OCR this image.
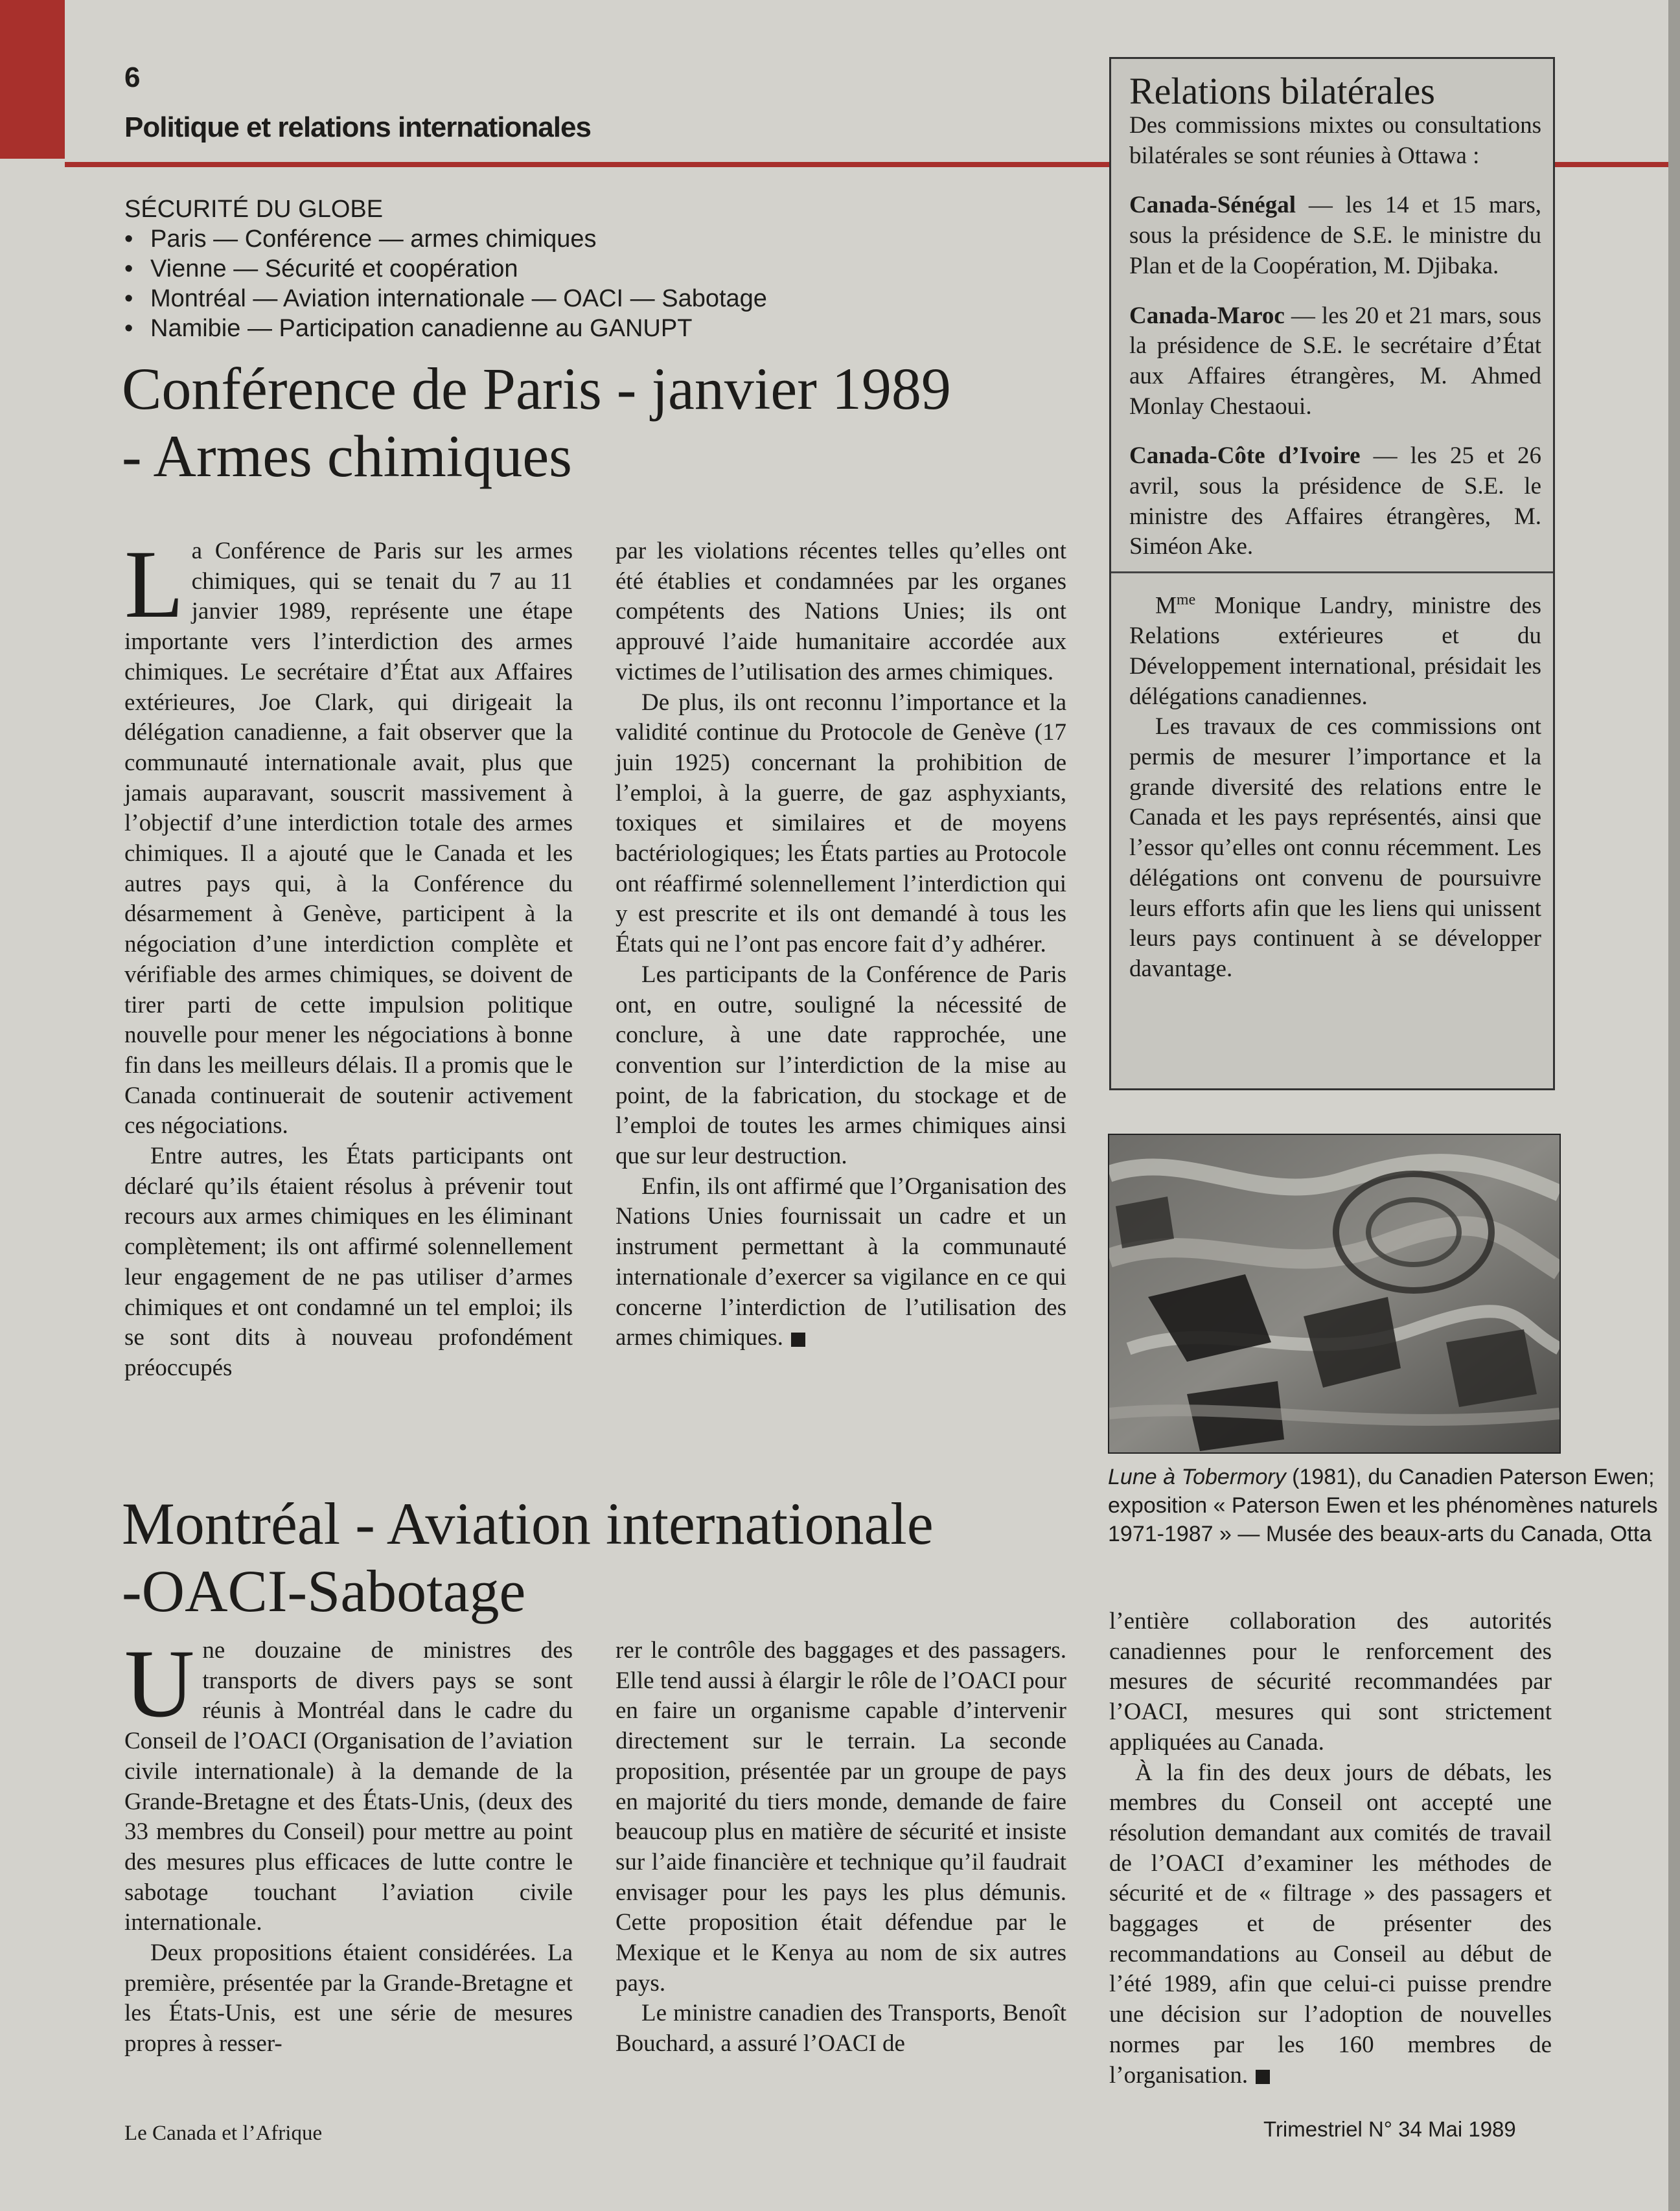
6
Politique et relations internationales
SÉCURITÉ DU GLOBE
• Paris — Conférence — armes chimiques
• Vienne — Sécurité et coopération
• Montréal — Aviation internationale — OACI — Sabotage
• Namibie — Participation canadienne au GANUPT
Conférence de Paris - janvier 1989
- Armes chimiques

La Conférence de Paris sur les armes chimiques, qui se tenait du 7 au 11 janvier 1989, représente une étape importante vers l’interdiction des armes chimiques. Le secrétaire d’État aux Affaires extérieures, Joe Clark, qui dirigeait la délégation canadienne, a fait observer que la communauté internationale avait, plus que jamais auparavant, souscrit massivement à l’objectif d’une interdiction totale des armes chimiques. Il a ajouté que le Canada et les autres pays qui, à la Conférence du désarmement à Genève, participent à la négociation d’une interdiction complète et vérifiable des armes chimiques, se doivent de tirer parti de cette impulsion politique nouvelle pour mener les négociations à bonne fin dans les meilleurs délais. Il a promis que le Canada continuerait de soutenir activement ces négociations.

Entre autres, les États participants ont déclaré qu’ils étaient résolus à prévenir tout recours aux armes chimiques en les éliminant complètement; ils ont affirmé solennellement leur engagement de ne pas utiliser d’armes chimiques et ont condamné un tel emploi; ils se sont dits à nouveau profondément préoccupés

par les violations récentes telles qu’elles ont été établies et condamnées par les organes compétents des Nations Unies; ils ont approuvé l’aide humanitaire accordée aux victimes de l’utilisation des armes chimiques.

De plus, ils ont reconnu l’importance et la validité continue du Protocole de Genève (17 juin 1925) concernant la prohibition de l’emploi, à la guerre, de gaz asphyxiants, toxiques et similaires et de moyens bactériologiques; les États parties au Protocole ont réaffirmé solennellement l’interdiction qui y est prescrite et ils ont demandé à tous les États qui ne l’ont pas encore fait d’y adhérer.

Les participants de la Conférence de Paris ont, en outre, souligné la nécessité de conclure, à une date rapprochée, une convention sur l’interdiction de la mise au point, de la fabrication, du stockage et de l’emploi de toutes les armes chimiques ainsi que sur leur destruction.

Enfin, ils ont affirmé que l’Organisation des Nations Unies fournissait un cadre et un instrument permettant à la communauté internationale d’exercer sa vigilance en ce qui concerne l’interdiction de l’utilisation des armes chimiques.

Montréal - Aviation internationale
-OACI-Sabotage

Une douzaine de ministres des transports de divers pays se sont réunis à Montréal dans le cadre du Conseil de l’OACI (Organisation de l’aviation civile internationale) à la demande de la Grande-Bretagne et des États-Unis, (deux des 33 membres du Conseil) pour mettre au point des mesures plus efficaces de lutte contre le sabotage touchant l’aviation civile internationale.

Deux propositions étaient considérées. La première, présentée par la Grande-Bretagne et les États-Unis, est une série de mesures propres à resser-

rer le contrôle des baggages et des passagers. Elle tend aussi à élargir le rôle de l’OACI pour en faire un organisme capable d’intervenir directement sur le terrain. La seconde proposition, présentée par un groupe de pays en majorité du tiers monde, demande de faire beaucoup plus en matière de sécurité et insiste sur l’aide financière et technique qu’il faudrait envisager pour les pays les plus démunis. Cette proposition était défendue par le Mexique et le Kenya au nom de six autres pays.

Le ministre canadien des Transports, Benoît Bouchard, a assuré l’OACI de

l’entière collaboration des autorités canadiennes pour le renforcement des mesures de sécurité recommandées par l’OACI, mesures qui sont strictement appliquées au Canada.

À la fin des deux jours de débats, les membres du Conseil ont accepté une résolution demandant aux comités de travail de l’OACI d’examiner les méthodes de sécurité et de « filtrage » des passagers et baggages et de présenter des recommandations au Conseil au début de l’été 1989, afin que celui-ci puisse prendre une décision sur l’adoption de nouvelles normes par les 160 membres de l’organisation.

Relations bilatérales

Des commissions mixtes ou consultations bilatérales se sont réunies à Ottawa :

Canada-Sénégal — les 14 et 15 mars, sous la présidence de S.E. le ministre du Plan et de la Coopération, M. Djibaka.

Canada-Maroc — les 20 et 21 mars, sous la présidence de S.E. le secrétaire d’État aux Affaires étrangères, M. Ahmed Monlay Chestaoui.

Canada-Côte d’Ivoire — les 25 et 26 avril, sous la présidence de S.E. le ministre des Affaires étrangères, M. Siméon Ake.

$M^{me}$ Monique Landry, ministre des Relations extérieures et du Développement international, présidait les délégations canadiennes.

Les travaux de ces commissions ont permis de mesurer l’importance et la grande diversité des relations entre le Canada et les pays représentés, ainsi que l’essor qu’elles ont connu récemment. Les délégations ont convenu de poursuivre leurs efforts afin que les liens qui unissent leurs pays continuent à se développer davantage.

Lune à Tobermory (1981), du Canadien Paterson Ewen; exposition « Paterson Ewen et les phénomènes naturels 1971-1987 » — Musée des beaux-arts du Canada, Otta
Le Canada et l’Afrique	Trimestriel N° 34 Mai 1989
